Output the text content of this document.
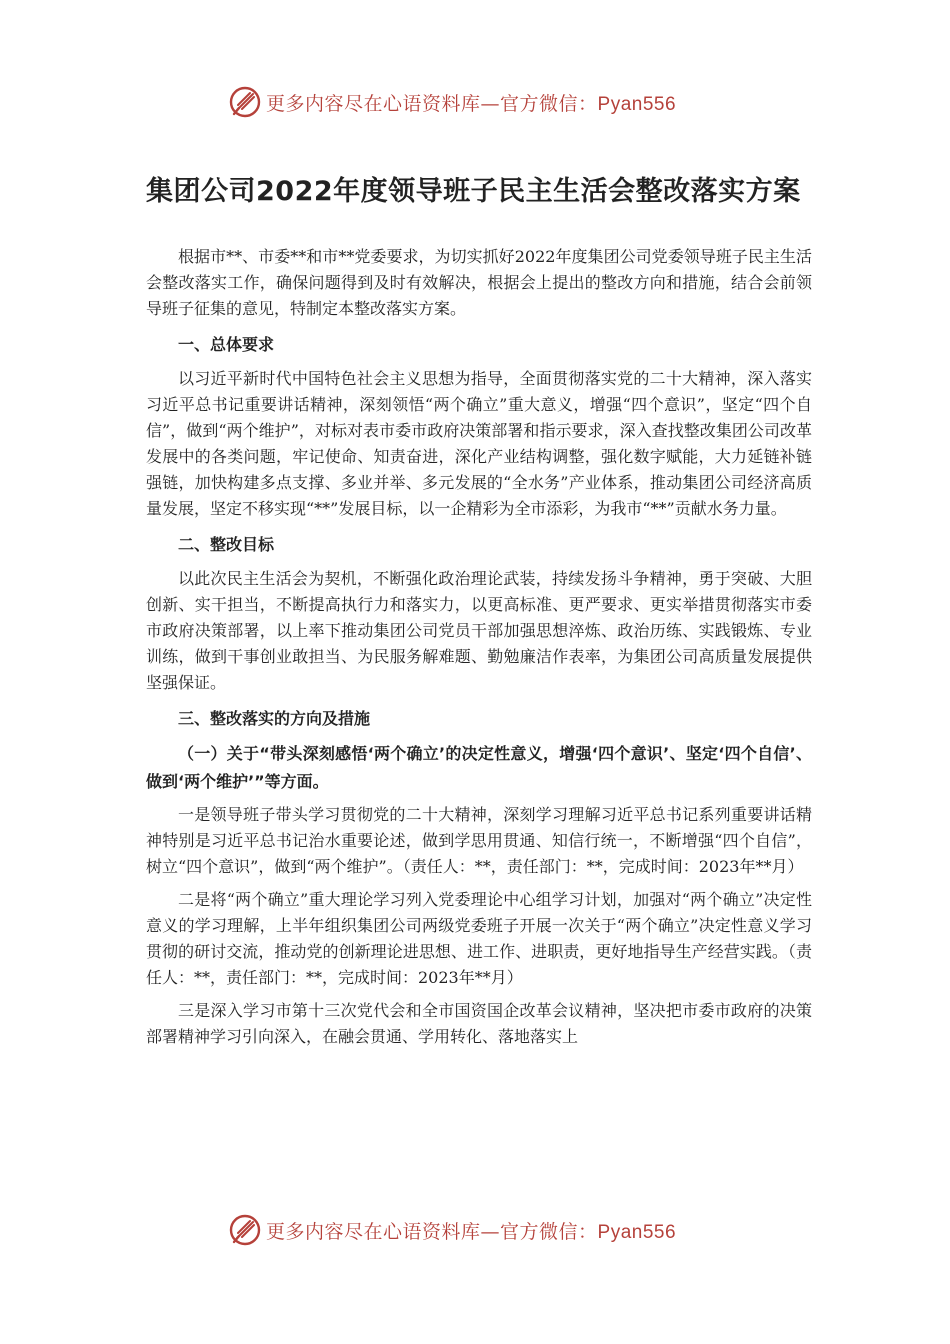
更多内容尽在心语资料库—官方微信：Pyan556
集团公司2022年度领导班子民主生活会整改落实方案

根据市**、市委**和市**党委要求，为切实抓好2022年度集团公司党委领导班子民主生活会整改落实工作，确保问题得到及时有效解决，根据会上提出的整改方向和措施，结合会前领导班子征集的意见，特制定本整改落实方案。

一、总体要求

以习近平新时代中国特色社会主义思想为指导，全面贯彻落实党的二十大精神，深入落实习近平总书记重要讲话精神，深刻领悟“两个确立”重大意义，增强“四个意识”，坚定“四个自信”，做到“两个维护”，对标对表市委市政府决策部署和指示要求，深入查找整改集团公司改革发展中的各类问题，牢记使命、知责奋进，深化产业结构调整，强化数字赋能，大力延链补链强链，加快构建多点支撑、多业并举、多元发展的“全水务”产业体系，推动集团公司经济高质量发展，坚定不移实现“**”发展目标，以一企精彩为全市添彩，为我市“**”贡献水务力量。

二、整改目标

以此次民主生活会为契机，不断强化政治理论武装，持续发扬斗争精神，勇于突破、大胆创新、实干担当，不断提高执行力和落实力，以更高标准、更严要求、更实举措贯彻落实市委市政府决策部署，以上率下推动集团公司党员干部加强思想淬炼、政治历练、实践锻炼、专业训练，做到干事创业敢担当、为民服务解难题、勤勉廉洁作表率，为集团公司高质量发展提供坚强保证。

三、整改落实的方向及措施
（一）关于“带头深刻感悟‘两个确立’的决定性意义，增强‘四个意识’、坚定‘四个自信’、做到‘两个维护’”等方面。

一是领导班子带头学习贯彻党的二十大精神，深刻学习理解习近平总书记系列重要讲话精神特别是习近平总书记治水重要论述，做到学思用贯通、知信行统一，不断增强“四个自信”，树立“四个意识”，做到“两个维护”。（责任人：**，责任部门：**，完成时间：2023年**月）

二是将“两个确立”重大理论学习列入党委理论中心组学习计划，加强对“两个确立”决定性意义的学习理解，上半年组织集团公司两级党委班子开展一次关于“两个确立”决定性意义学习贯彻的研讨交流，推动党的创新理论进思想、进工作、进职责，更好地指导生产经营实践。（责任人：**，责任部门：**，完成时间：2023年**月）

三是深入学习市第十三次党代会和全市国资国企改革会议精神，坚决把市委市政府的决策部署精神学习引向深入，在融会贯通、学用转化、落地落实上

更多内容尽在心语资料库—官方微信：Pyan556
